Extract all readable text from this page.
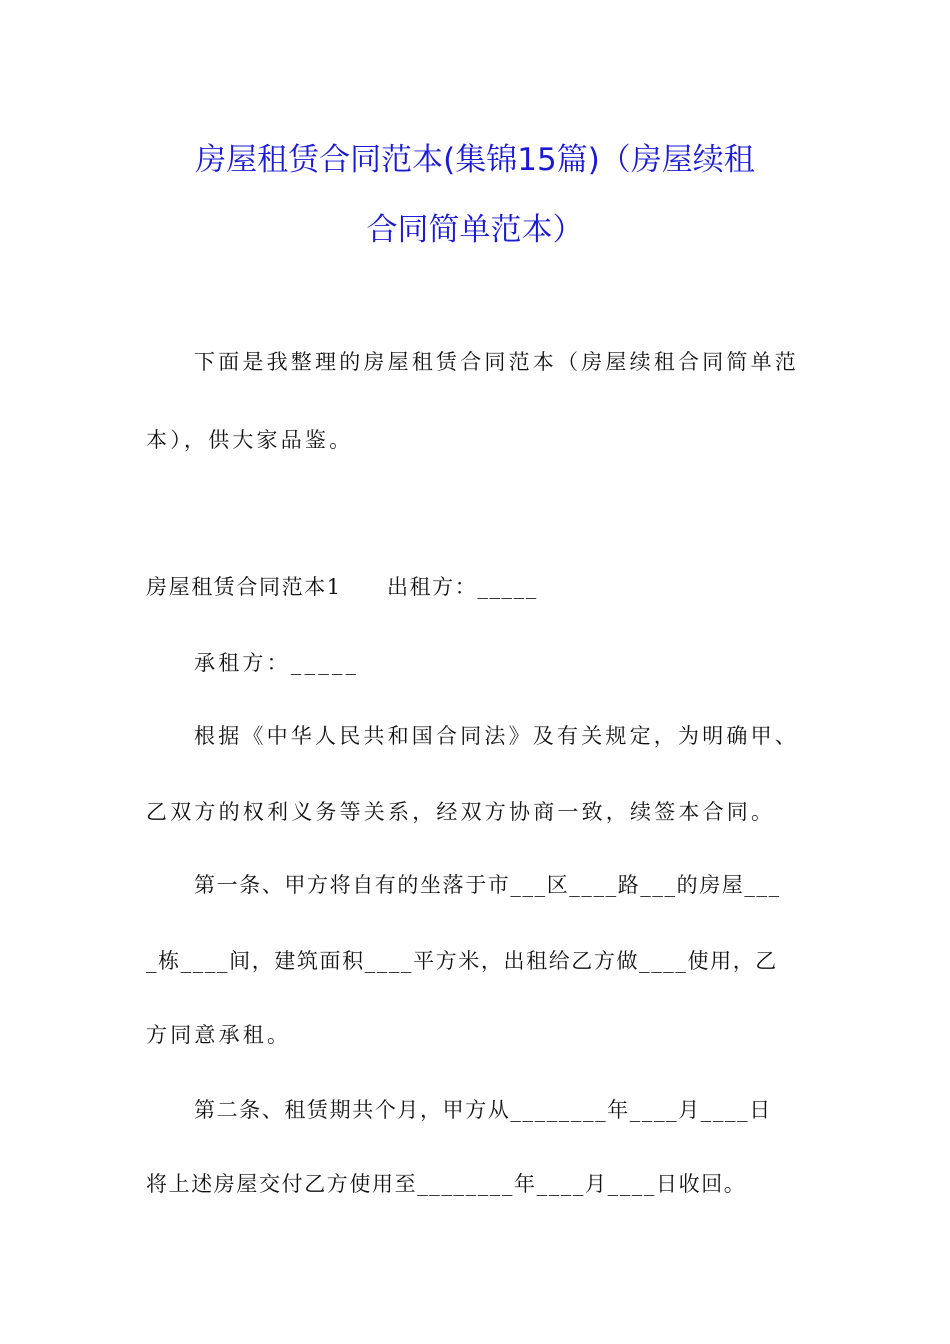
房屋租赁合同范本(集锦15篇)（房屋续租
合同简单范本）

下面是我整理的房屋租赁合同范本（房屋续租合同简单范

本），供大家品鉴。

房屋租赁合同范本1　　出租方：_____

承租方：_____

根据《中华人民共和国合同法》及有关规定，为明确甲、

乙双方的权利义务等关系，经双方协商一致，续签本合同。

第一条、甲方将自有的坐落于市___区____路___的房屋___

_栋____间，建筑面积____平方米，出租给乙方做____使用，乙

方同意承租。

第二条、租赁期共个月，甲方从________年____月____日

将上述房屋交付乙方使用至________年____月____日收回。
